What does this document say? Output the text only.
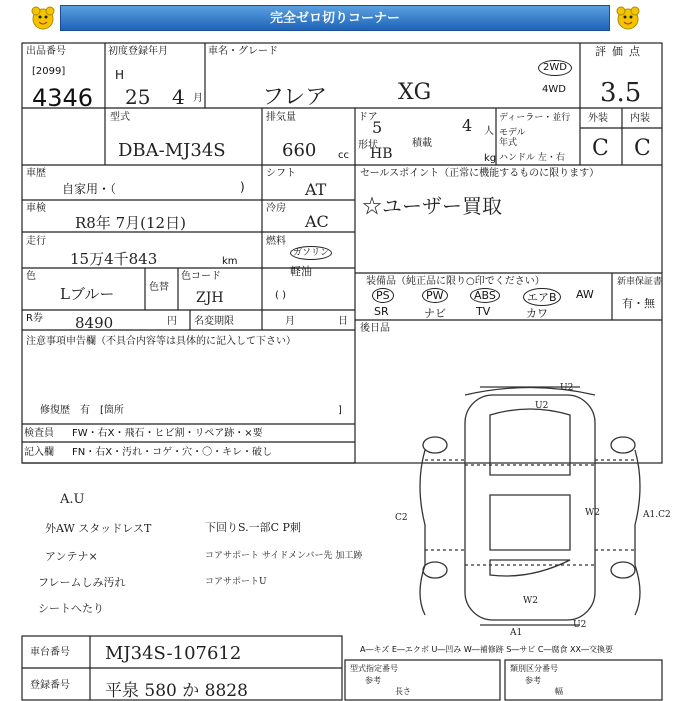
完全ゼロ切りコーナー
出品番号
[2099]
4346
初度登録年月
H
25 4 月
車名・グレード
フレア	XG
2WD
4WD
評価点
3.5
外装 内装
C C
型式
DBA-MJ34S
排気量
660 cc
ドア
5
形状
HB
積載
4 人
kg
ディーラー・並行
モデル年式
ハンドル 左・右
車歴
自家用・（	)
シフト
AT
セールスポイント（正常に機能するものに限ります）
☆ユーザー買取
車検
R8年 7月(12日)
冷房
AC
走行
15万4千843	km
燃料
ガソリン
軽油
( )
色
Lブルー	色替
色コード
ZJH
装備品（純正品に限り○印でください）	新車保証書
有・無
PS	PW	ABS	エアB	AW
SR	ナビ	TV	カワ
R券 8490	円 名変期限	月	日
後日品
注意事項申告欄（不具合内容等は具体的に記入して下さい）
修復歴　有　[箇所	]
検査員
記入欄
FW・右X・飛石・ヒビ割・リペア跡・×要
FN・右X・汚れ・コゲ・穴・〇・キレ・破し
A.U
外AW スタッドレスT
アンテナ×
フレームしみ汚れ
シートへたり
下回りS.一部C P刺
コアサポート サイドメンバー先 加工跡
コアサポートU
U2
U2
C2	W2	A1.C2
W2
A1
U2
A―キズ E―エクボ U―凹み W―補修跡 S―サビ C―腐食 XX―交換要
車台番号 MJ34S-107612
登録番号 平泉 580 か 8828
型式指定番号
参考
長さ
類別区分番号
参考
幅
